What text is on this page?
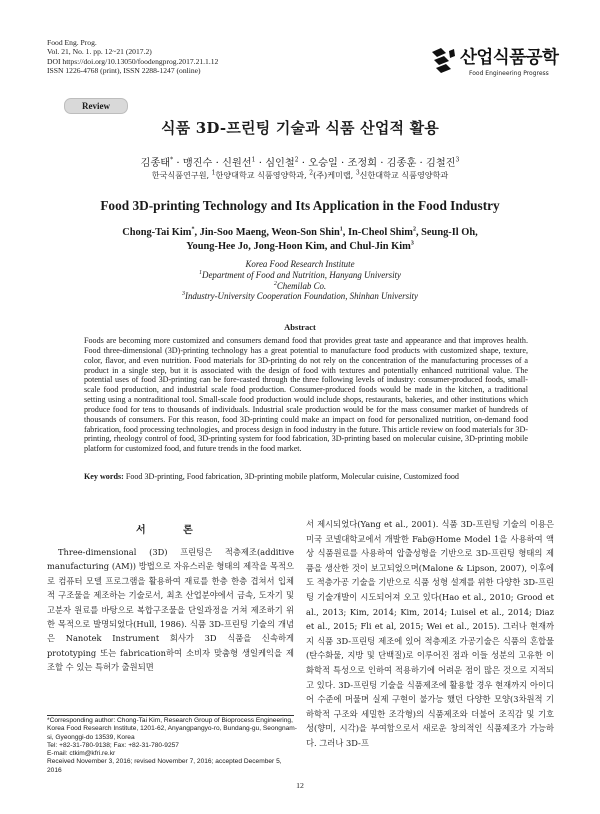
Food Eng. Prog.
Vol. 21, No. 1. pp. 12~21 (2017.2)
DOI https://doi.org/10.13050/foodengprog.2017.21.1.12
ISSN 1226-4768 (print), ISSN 2288-1247 (online)
산업식품공학
Food Engineering Progress
Review
식품 3D-프린팅 기술과 식품 산업적 활용
김종태* · 맹진수 · 신원선$^1$ · 심인철$^2$ · 오승일 · 조정희 · 김종훈 · 김철진$^3$
한국식품연구원, $^1$한양대학교 식품영양학과, $^2$(주)케미랩, $^3$신한대학교 식품영양학과
Food 3D-printing Technology and Its Application in the Food Industry
Chong-Tai Kim*, Jin-Soo Maeng, Weon-Son Shin$^1$, In-Cheol Shim$^2$, Seung-Il Oh,
Young-Hee Jo, Jong-Hoon Kim, and Chul-Jin Kim$^3$
Korea Food Research Institute
$^1$Department of Food and Nutrition, Hanyang University
$^2$Chemilab Co.
$^3$Industry-University Cooperation Foundation, Shinhan University
Abstract
Foods are becoming more customized and consumers demand food that provides great taste and appearance and that improves health. Food three-dimensional (3D)-printing technology has a great potential to manufacture food products with customized shape, texture, color, flavor, and even nutrition. Food materials for 3D-printing do not rely on the concentration of the manufacturing processes of a product in a single step, but it is associated with the design of food with textures and potentially enhanced nutritional value. The potential uses of food 3D-printing can be fore-casted through the three following levels of industry: consumer-produced foods, small-scale food production, and industrial scale food production. Consumer-produced foods would be made in the kitchen, a traditional setting using a nontraditional tool. Small-scale food production would include shops, restaurants, bakeries, and other institutions which produce food for tens to thousands of individuals. Industrial scale production would be for the mass consumer market of hundreds of thousands of consumers. For this reason, food 3D-printing could make an impact on food for personalized nutrition, on-demand food fabrication, food processing technologies, and process design in food industry in the future. This article review on food materials for 3D-printing, rheology control of food, 3D-printing system for food fabrication, 3D-printing based on molecular cuisine, 3D-printing mobile platform for customized food, and future trends in the food market.
Key words: Food 3D-printing, Food fabrication, 3D-printing mobile platform, Molecular cuisine, Customized food
서 론

Three-dimensional (3D) 프린팅은 적층제조(additive manufacturing (AM)) 방법으로 자유스러운 형태의 제작을 목적으로 컴퓨터 모델 프로그램을 활용하여 재료를 한층 한층 겹쳐서 입체적 구조물을 제조하는 기술로서, 최초 산업분야에서 금속, 도자기 및 고분자 원료를 바탕으로 복합구조물을 단일과정을 거쳐 제조하기 위한 목적으로 발명되었다(Hull, 1986). 식품 3D-프린팅 기술의 개념은 Nanotek Instrument 회사가 3D 식품을 신속하게 prototyping 또는 fabrication하여 소비자 맞춤형 생일케익을 제조할 수 있는 특허가 출원되면

*Corresponding author: Chong-Tai Kim, Research Group of Bioprocess Engineering, Korea Food Research Institute, 1201-62, Anyangpangyo-ro, Bundang-gu, Seongnam-si, Gyeonggi-do 13539, Korea
Tel: +82-31-780-9138; Fax: +82-31-780-9257
E-mail: ctkim@kfri.re.kr
Received November 3, 2016; revised November 7, 2016; accepted December 5, 2016

서 제시되었다(Yang et al., 2001). 식품 3D-프린팅 기술의 이용은 미국 코넬대학교에서 개발한 Fab@Home Model 1을 사용하여 액상 식품원료를 사용하여 압출성형을 기반으로 3D-프린팅 형태의 제품을 생산한 것이 보고되었으며(Malone & Lipson, 2007), 이후에도 적층가공 기술을 기반으로 식품 성형 설계를 위한 다양한 3D-프린팅 기술개발이 시도되어져 오고 있다(Hao et al., 2010; Grood et al., 2013; Kim, 2014; Kim, 2014; Luisel et al., 2014; Diaz et al., 2015; Fli et al, 2015; Wei et al., 2015). 그러나 현재까지 식품 3D-프린팅 제조에 있어 적층제조 가공기술은 식품의 혼합물(탄수화물, 지방 및 단백질)로 이루어진 점과 이들 성분의 고유한 이화학적 특성으로 인하여 적용하기에 어려운 점이 많은 것으로 지적되고 있다. 3D-프린팅 기술을 식품제조에 활용할 경우 현재까지 아이디어 수준에 머물며 실제 구현이 불가능 했던 다양한 모양(3차원적 기하학적 구조와 세밀한 조각형)의 식품제조와 더불어 조직감 및 기호성(향미, 시각)을 부여함으로서 새로운 창의적인 식품제조가 가능하다. 그러나 3D-프

12
